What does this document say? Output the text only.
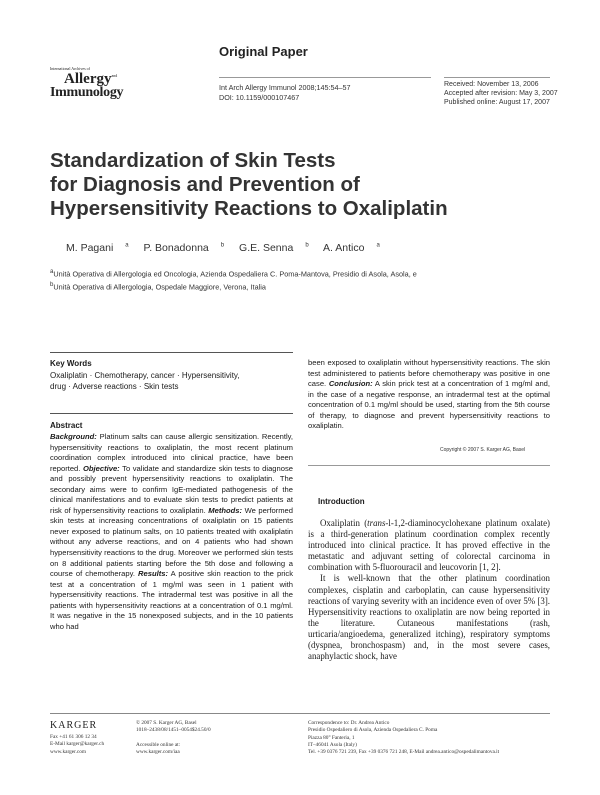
Original Paper
International Archives of
Allergy$^{and}$
Immunology	Int Arch Allergy Immunol 2008;145:54–57
DOI: 10.1159/000107467
Received: November 13, 2006
Accepted after revision: May 3, 2007
Published online: August 17, 2007
Standardization of Skin Tests
for Diagnosis and Prevention of
Hypersensitivity Reactions to Oxaliplatin
M. Pagani $^a$ P. Bonadonna $^b$ G.E. Senna $^b$ A. Antico $^a$
$^a$Unità Operativa di Allergologia ed Oncologia, Azienda Ospedaliera C. Poma-Mantova, Presidio di Asola, Asola, e
$^b$Unità Operativa di Allergologia, Ospedale Maggiore, Verona, Italia
Key Words
Oxaliplatin · Chemotherapy, cancer · Hypersensitivity,
drug · Adverse reactions · Skin tests
Abstract
Background: Platinum salts can cause allergic sensitization. Recently, hypersensitivity reactions to oxaliplatin, the most recent platinum coordination complex introduced into clinical practice, have been reported. Objective: To validate and standardize skin tests to diagnose and possibly prevent hypersensitivity reactions to oxaliplatin. The secondary aims were to confirm IgE-mediated pathogenesis of the clinical manifestations and to evaluate skin tests to predict patients at risk of hypersensitivity reactions to oxaliplatin. Methods: We performed skin tests at increasing concentrations of oxaliplatin on 15 patients never exposed to platinum salts, on 10 patients treated with oxaliplatin without any adverse reactions, and on 4 patients who had shown hypersensitivity reactions to the drug. Moreover we performed skin tests on 8 additional patients starting before the 5th dose and following a course of chemotherapy. Results: A positive skin reaction to the prick test at a concentration of 1 mg/ml was seen in 1 patient with hypersensitivity reactions. The intradermal test was positive in all the patients with hypersensitivity reactions at a concentration of 0.1 mg/ml. It was negative in the 15 nonexposed subjects, and in the 10 patients who had
been exposed to oxaliplatin without hypersensitivity reactions. The skin test administered to patients before chemotherapy was positive in one case. Conclusion: A skin prick test at a concentration of 1 mg/ml and, in the case of a negative response, an intradermal test at the optimal concentration of 0.1 mg/ml should be used, starting from the 5th course of therapy, to diagnose and prevent hypersensitivity reactions to oxaliplatin.
Copyright © 2007 S. Karger AG, Basel
Introduction

Oxaliplatin (trans-l-1,2-diaminocyclohexane platinum oxalate) is a third-generation platinum coordination complex recently introduced into clinical practice. It has proved effective in the metastatic and adjuvant setting of colorectal carcinoma in combination with 5-fluorouracil and leucovorin [1, 2].

It is well-known that the other platinum coordination complexes, cisplatin and carboplatin, can cause hypersensitivity reactions of varying severity with an incidence even of over 5% [3]. Hypersensitivity reactions to oxaliplatin are now being reported in the literature. Cutaneous manifestations (rash, urticaria/angioedema, generalized itching), respiratory symptoms (dyspnea, bronchospasm) and, in the most severe cases, anaphylactic shock, have

KARGER
Fax +41 61 306 12 34
E-Mail karger@karger.ch
www.karger.com
© 2007 S. Karger AG, Basel
1018–2438/08/1451–0054$24.50/0

Accessible online at:
www.karger.com/iaa
Correspondence to: Dr. Andrea Antico
Presidio Ospedaliero di Asola, Azienda Ospedaliera C. Poma
Piazza 80° Fanteria, 1
IT–46041 Asola (Italy)
Tel. +39 0376 721 239, Fax +39 0376 721 248, E-Mail andrea.antico@ospedalimantova.it
